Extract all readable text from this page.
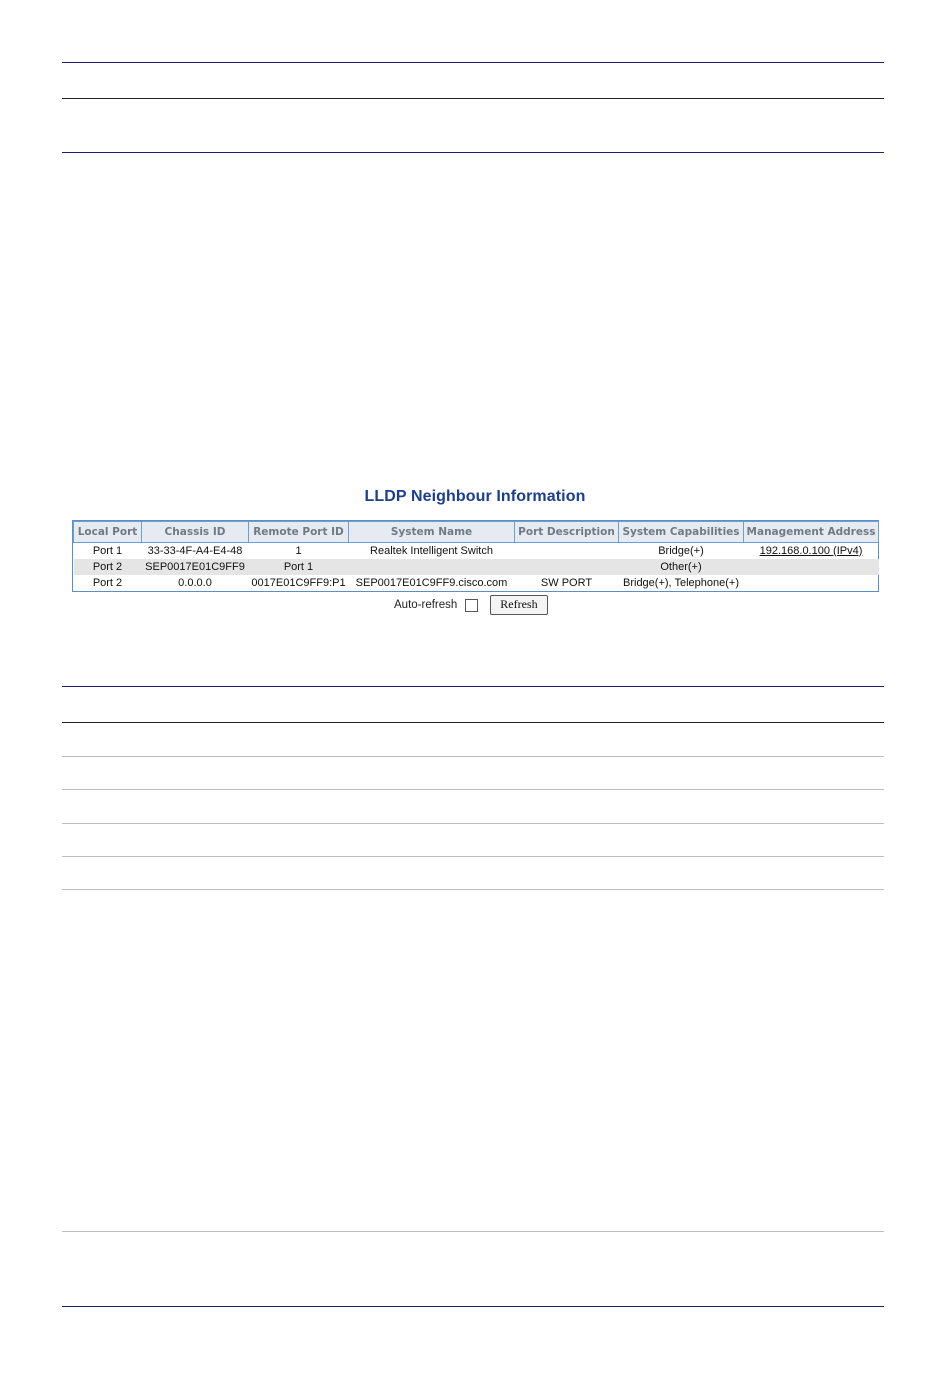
LLDP Neighbour Information
Local Port	Chassis ID	Remote Port ID	System Name	Port Description	System Capabilities	Management Address
Port 1	33-33-4F-A4-E4-48	1	Realtek Intelligent Switch		Bridge(+)	192.168.0.100 (IPv4)
Port 2	SEP0017E01C9FF9	Port 1			Other(+)	
Port 2	0.0.0.0	0017E01C9FF9:P1	SEP0017E01C9FF9.cisco.com	SW PORT	Bridge(+), Telephone(+)	
Auto-refresh	Refresh
